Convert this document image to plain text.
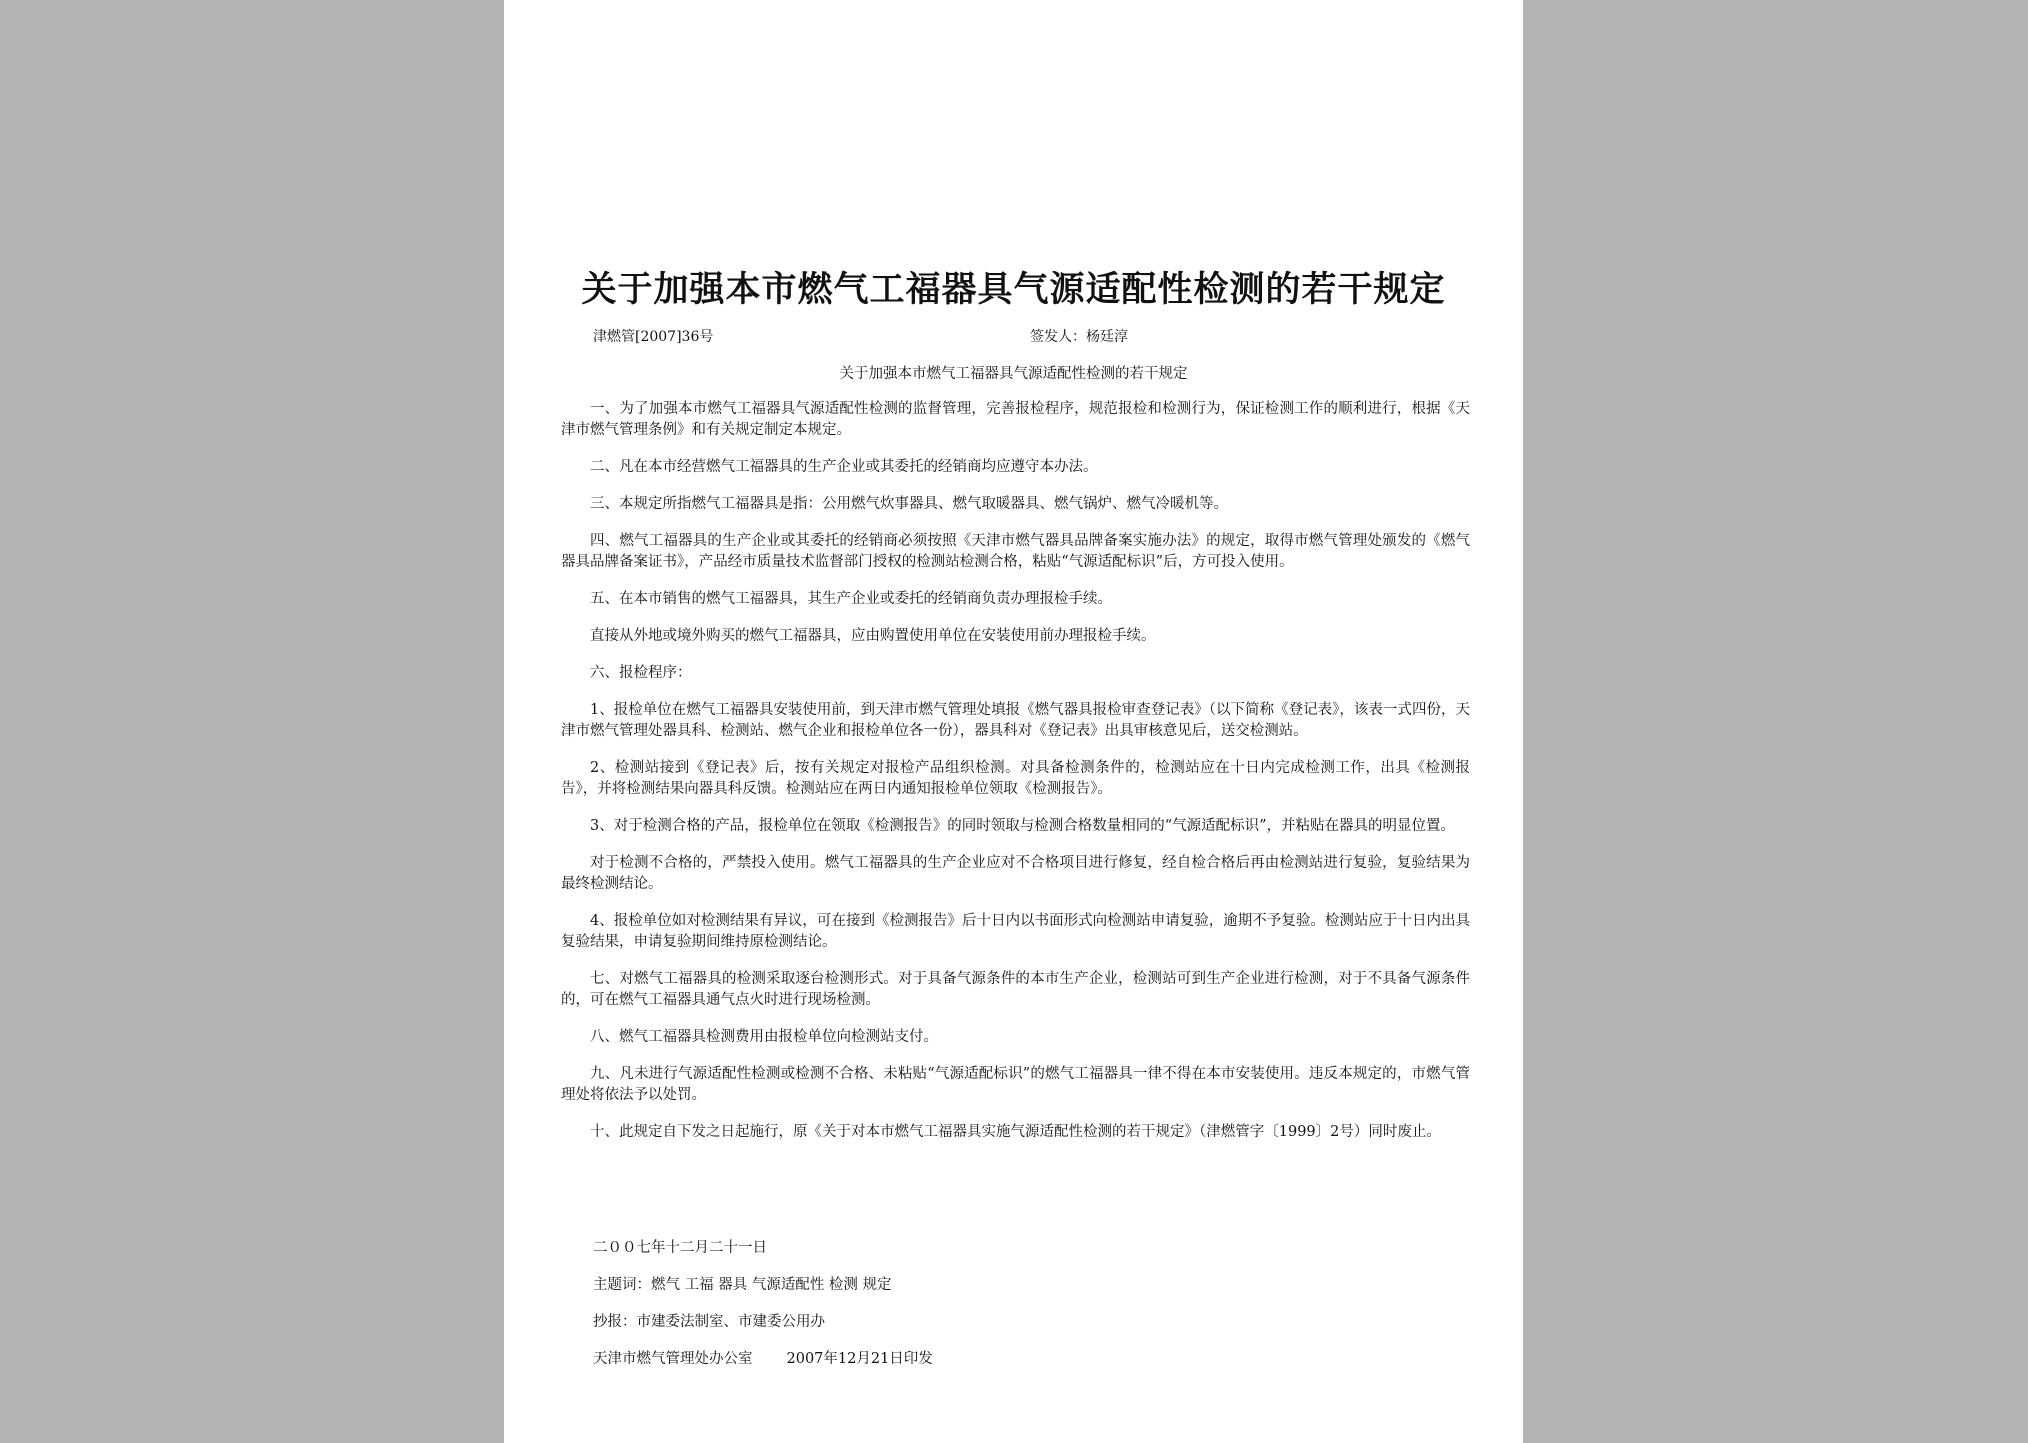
关于加强本市燃气工福器具气源适配性检测的若干规定
津燃管[2007]36号	签发人：杨廷淳
关于加强本市燃气工福器具气源适配性检测的若干规定

一、为了加强本市燃气工福器具气源适配性检测的监督管理，完善报检程序，规范报检和检测行为，保证检测工作的顺利进行，根据《天津市燃气管理条例》和有关规定制定本规定。

二、凡在本市经营燃气工福器具的生产企业或其委托的经销商均应遵守本办法。

三、本规定所指燃气工福器具是指：公用燃气炊事器具、燃气取暖器具、燃气锅炉、燃气冷暖机等。

四、燃气工福器具的生产企业或其委托的经销商必须按照《天津市燃气器具品牌备案实施办法》的规定，取得市燃气管理处颁发的《燃气器具品牌备案证书》，产品经市质量技术监督部门授权的检测站检测合格，粘贴“气源适配标识”后，方可投入使用。

五、在本市销售的燃气工福器具，其生产企业或委托的经销商负责办理报检手续。

直接从外地或境外购买的燃气工福器具，应由购置使用单位在安装使用前办理报检手续。

六、报检程序：

1、报检单位在燃气工福器具安装使用前，到天津市燃气管理处填报《燃气器具报检审查登记表》（以下简称《登记表》，该表一式四份，天津市燃气管理处器具科、检测站、燃气企业和报检单位各一份），器具科对《登记表》出具审核意见后，送交检测站。

2、检测站接到《登记表》后，按有关规定对报检产品组织检测。对具备检测条件的，检测站应在十日内完成检测工作，出具《检测报告》，并将检测结果向器具科反馈。检测站应在两日内通知报检单位领取《检测报告》。

3、对于检测合格的产品，报检单位在领取《检测报告》的同时领取与检测合格数量相同的“气源适配标识”，并粘贴在器具的明显位置。

对于检测不合格的，严禁投入使用。燃气工福器具的生产企业应对不合格项目进行修复，经自检合格后再由检测站进行复验，复验结果为最终检测结论。

4、报检单位如对检测结果有异议，可在接到《检测报告》后十日内以书面形式向检测站申请复验，逾期不予复验。检测站应于十日内出具复验结果，申请复验期间维持原检测结论。

七、对燃气工福器具的检测采取逐台检测形式。对于具备气源条件的本市生产企业，检测站可到生产企业进行检测，对于不具备气源条件的，可在燃气工福器具通气点火时进行现场检测。

八、燃气工福器具检测费用由报检单位向检测站支付。

九、凡未进行气源适配性检测或检测不合格、未粘贴“气源适配标识”的燃气工福器具一律不得在本市安装使用。违反本规定的，市燃气管理处将依法予以处罚。

十、此规定自下发之日起施行，原《关于对本市燃气工福器具实施气源适配性检测的若干规定》（津燃管字〔1999〕2号）同时废止。

二００七年十二月二十一日
主题词：燃气 工福 器具 气源适配性 检测 规定
抄报：市建委法制室、市建委公用办
天津市燃气管理处办公室 2007年12月21日印发
